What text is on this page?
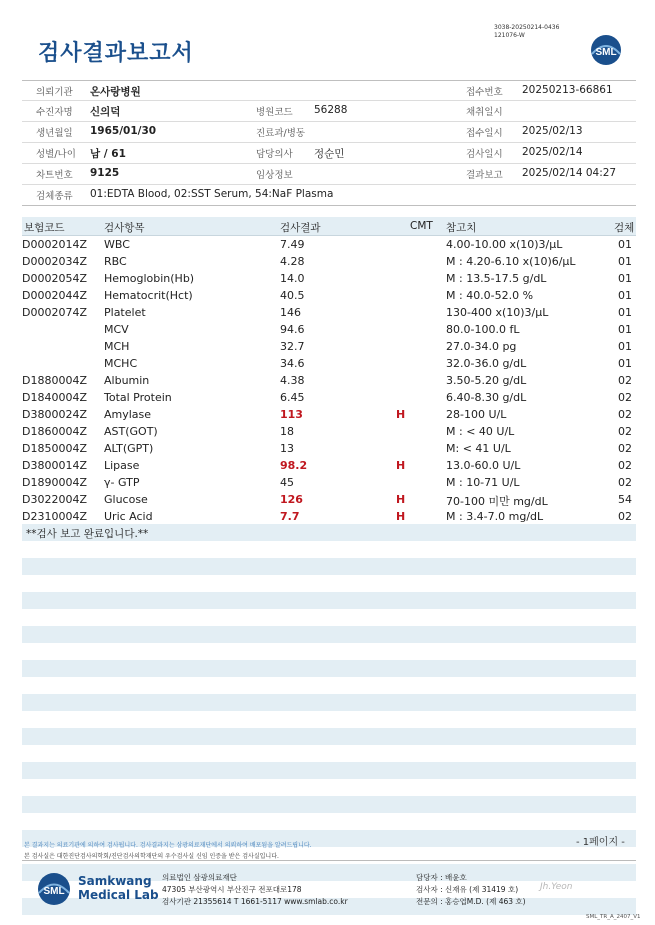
검사결과보고서
3038-20250214-0436
121076-W
SML
의뢰기관 온사랑병원	접수번호 20250213-66861
수진자명 신의덕	병원코드 56288	채취일시
생년월일 1965/01/30	진료과/병동	접수일시 2025/02/13
성별/나이 남 / 61	담당의사 정순민	검사일시 2025/02/14
차트번호 9125	임상정보	결과보고 2025/02/14 04:27
검체종류 01:EDTA Blood, 02:SST Serum, 54:NaF Plasma
보험코드	검사항목	검사결과	CMT 참고치	검체
D0002014Z WBC	7.49	4.00-10.00 x(10)3/µL	01
D0002034Z RBC	4.28	M : 4.20-6.10 x(10)6/µL	01
D0002054Z Hemoglobin(Hb)	14.0	M : 13.5-17.5 g/dL	01
D0002044Z Hematocrit(Hct)	40.5	M : 40.0-52.0 %	01
D0002074Z Platelet	146	130-400 x(10)3/µL	01
MCV	94.6	80.0-100.0 fL	01
MCH	32.7	27.0-34.0 pg	01
MCHC	34.6	32.0-36.0 g/dL	01
D1880004Z Albumin	4.38	3.50-5.20 g/dL	02
D1840004Z Total Protein	6.45	6.40-8.30 g/dL	02
D3800024Z Amylase	113	H	28-100 U/L	02
D1860004Z AST(GOT)	18	M : < 40 U/L	02
D1850004Z ALT(GPT)	13	M: < 41 U/L	02
D3800014Z Lipase	98.2	H	13.0-60.0 U/L	02
D1890004Z γ- GTP	45	M : 10-71 U/L	02
D3022004Z Glucose	126	H	70-100 미만 mg/dL	54
D2310004Z Uric Acid	7.7	H	M : 3.4-7.0 mg/dL	02
**검사 보고 완료입니다.**
- 1페이지 -
본 결과지는 의료기관에 의하여 검사됩니다. 검사결과지는 삼광의료재단에서 의뢰하여 배포됨을 알려드립니다.
본 검사실은 대한진단검사의학회/진단검사의학재단의 우수검사실 신임 인증을 받은 검사실입니다.
SML
Samkwang
Medical Lab
의료법인 삼광의료재단
47305 부산광역시 부산진구 전포대로178
검사기관 21355614 T 1661-5117 www.smlab.co.kr
담당자 : 배윤호
검사자 : 신재유 (제 31419 호)
전문의 : 홍승엽M.D. (제 463 호)
Jh.Yeon
SML_TR_A_2407_V1
